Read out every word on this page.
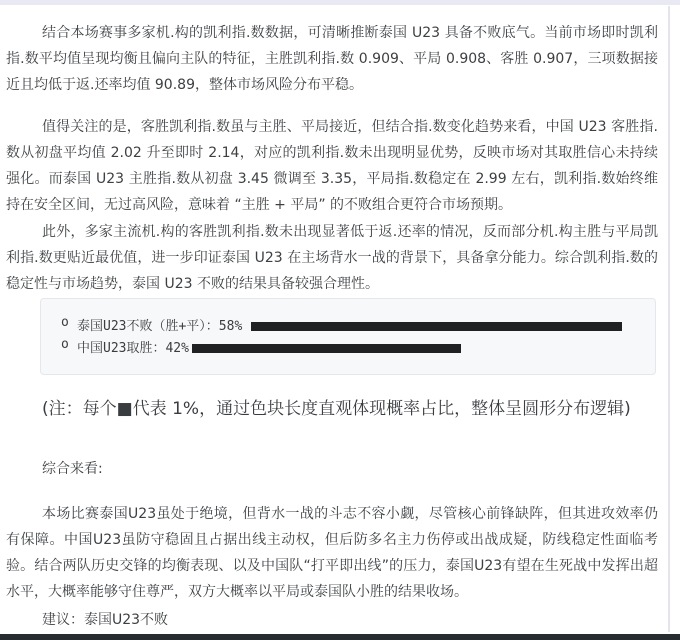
结合本场赛事多家机.构的凯利指.数数据，可清晰推断泰国 U23 具备不败底气。当前市场即时凯利指.数平均值呈现均衡且偏向主队的特征，主胜凯利指.数 0.909、平局 0.908、客胜 0.907，三项数据接近且均低于返.还率均值 90.89，整体市场风险分布平稳。

值得关注的是，客胜凯利指.数虽与主胜、平局接近，但结合指.数变化趋势来看，中国 U23 客胜指.数从初盘平均值 2.02 升至即时 2.14，对应的凯利指.数未出现明显优势，反映市场对其取胜信心未持续强化。而泰国 U23 主胜指.数从初盘 3.45 微调至 3.35，平局指.数稳定在 2.99 左右，凯利指.数始终维持在安全区间，无过高风险，意味着 “主胜 + 平局” 的不败组合更符合市场预期。

此外，多家主流机.构的客胜凯利指.数未出现显著低于返.还率的情况，反而部分机.构主胜与平局凯利指.数更贴近最优值，进一步印证泰国 U23 在主场背水一战的背景下，具备拿分能力。综合凯利指.数的稳定性与市场趋势，泰国 U23 不败的结果具备较强合理性。

o 泰国U23不败（胜+平）：58%
o 中国U23取胜：42%

(注：每个■代表 1%，通过色块长度直观体现概率占比，整体呈圆形分布逻辑)

综合来看:

本场比赛泰国U23虽处于绝境，但背水一战的斗志不容小觑，尽管核心前锋缺阵，但其进攻效率仍有保障。中国U23虽防守稳固且占据出线主动权，但后防多名主力伤停或出战成疑，防线稳定性面临考验。结合两队历史交锋的均衡表现、以及中国队“打平即出线”的压力，泰国U23有望在生死战中发挥出超水平，大概率能够守住尊严，双方大概率以平局或泰国队小胜的结果收场。

建议：泰国U23不败
